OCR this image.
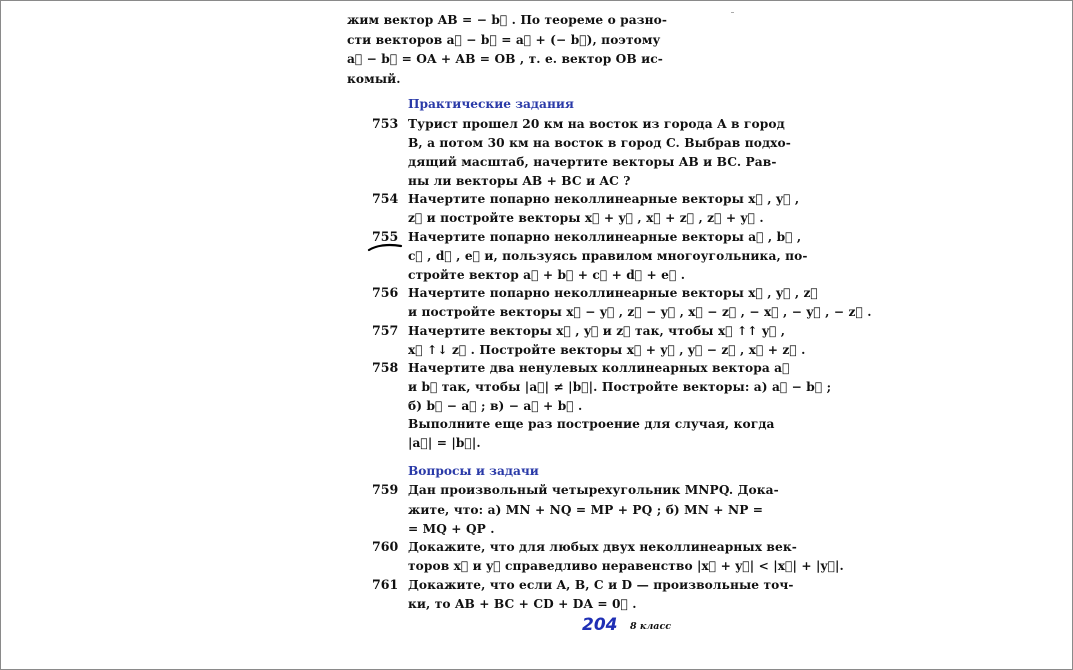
жим вектор AB = − b⃗ . По теореме о разно-
сти векторов a⃗ − b⃗ = a⃗ + (− b⃗), поэтому
a⃗ − b⃗ = OA + AB = OB , т. е. вектор OB ис-
комый.
Практические задания
753 Турист прошел 20 км на восток из города A в город
B, а потом 30 км на восток в город C. Выбрав подхо-
дящий масштаб, начертите векторы AB и BC. Рав-
ны ли векторы AB + BC и AC ?
754 Начертите попарно неколлинеарные векторы x⃗ , y⃗ ,
z⃗ и постройте векторы x⃗ + y⃗ , x⃗ + z⃗ , z⃗ + y⃗ .
755 Начертите попарно неколлинеарные векторы a⃗ , b⃗ ,
c⃗ , d⃗ , e⃗ и, пользуясь правилом многоугольника, по-
стройте вектор a⃗ + b⃗ + c⃗ + d⃗ + e⃗ .
756 Начертите попарно неколлинеарные векторы x⃗ , y⃗ , z⃗
и постройте векторы x⃗ − y⃗ , z⃗ − y⃗ , x⃗ − z⃗ , − x⃗ , − y⃗ , − z⃗ .
757 Начертите векторы x⃗ , y⃗ и z⃗ так, чтобы x⃗ ↑↑ y⃗ ,
x⃗ ↑↓ z⃗ . Постройте векторы x⃗ + y⃗ , y⃗ − z⃗ , x⃗ + z⃗ .
758 Начертите два ненулевых коллинеарных вектора a⃗
и b⃗ так, чтобы |a⃗| ≠ |b⃗|. Постройте векторы: а) a⃗ − b⃗ ;
б) b⃗ − a⃗ ; в) − a⃗ + b⃗ .
Выполните еще раз построение для случая, когда
|a⃗| = |b⃗|.
Вопросы и задачи
759 Дан произвольный четырехугольник MNPQ. Дока-
жите, что: а) MN + NQ = MP + PQ ; б) MN + NP =
= MQ + QP .
760 Докажите, что для любых двух неколлинеарных век-
торов x⃗ и y⃗ справедливо неравенство |x⃗ + y⃗| < |x⃗| + |y⃗|.
761 Докажите, что если A, B, C и D — произвольные точ-
ки, то AB + BC + CD + DA = 0⃗ .
204 8 класс
